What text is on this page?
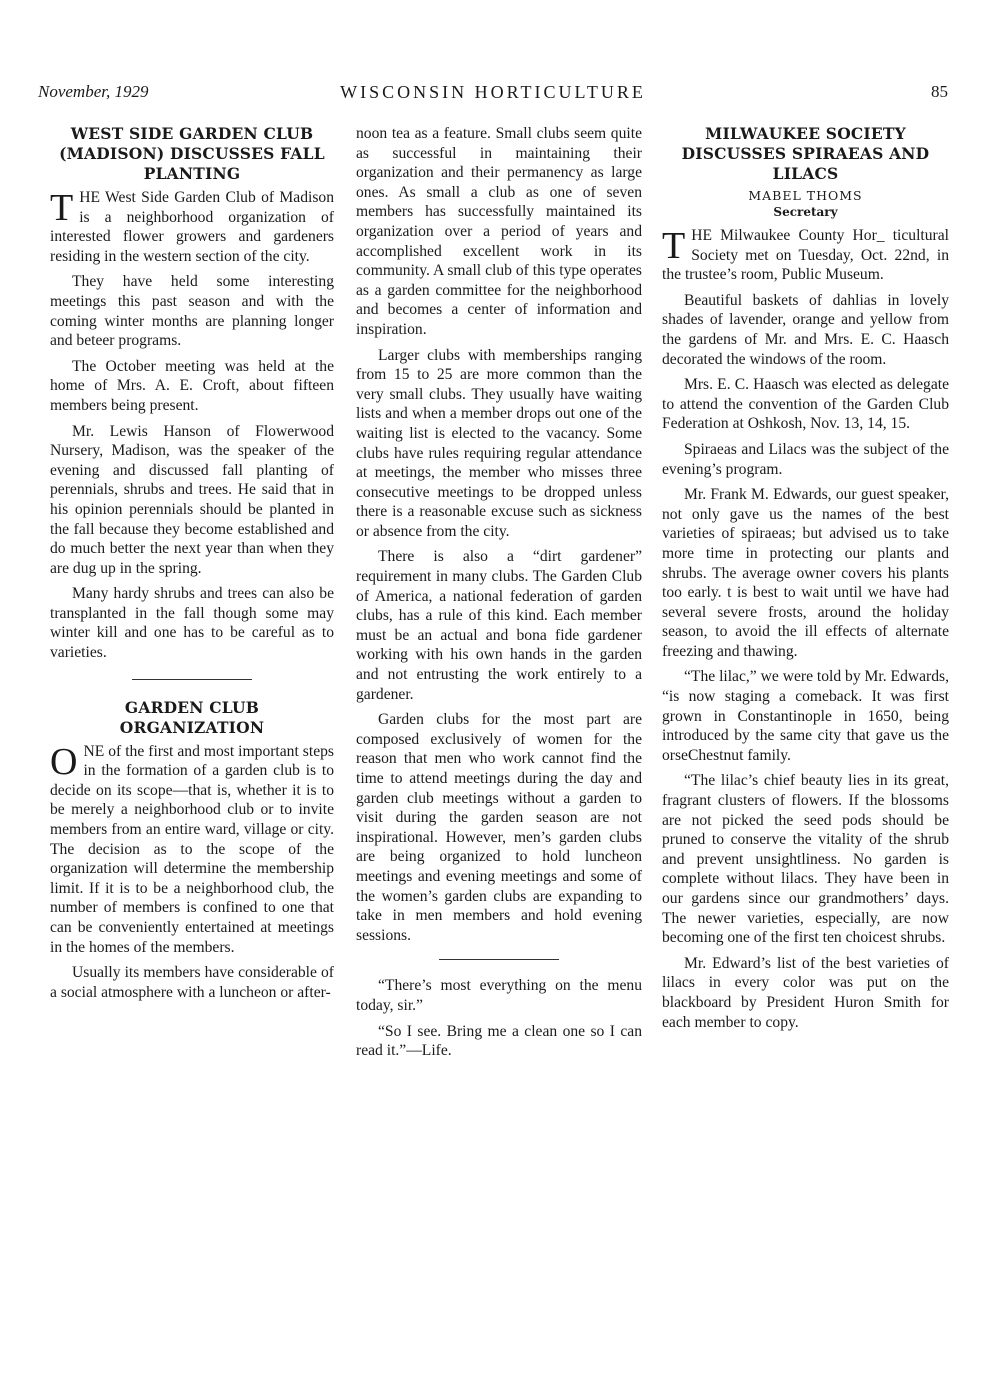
November, 1929	WISCONSIN HORTICULTURE	85
WEST SIDE GARDEN CLUB (MADISON) DISCUSSES FALL PLANTING

THE West Side Garden Club of Madison is a neighborhood organization of interested flower growers and gardeners residing in the western section of the city.

They have held some interesting meetings this past season and with the coming winter months are planning longer and beteer programs.

The October meeting was held at the home of Mrs. A. E. Croft, about fifteen members being present.

Mr. Lewis Hanson of Flowerwood Nursery, Madison, was the speaker of the evening and discussed fall planting of perennials, shrubs and trees. He said that in his opinion perennials should be planted in the fall because they become established and do much better the next year than when they are dug up in the spring.

Many hardy shrubs and trees can also be transplanted in the fall though some may winter kill and one has to be careful as to varieties.

GARDEN CLUB ORGANIZATION

ONE of the first and most important steps in the formation of a garden club is to decide on its scope—that is, whether it is to be merely a neighborhood club or to invite members from an entire ward, village or city. The decision as to the scope of the organization will determine the membership limit. If it is to be a neighborhood club, the number of members is confined to one that can be conveniently entertained at meetings in the homes of the members.

Usually its members have considerable of a social atmosphere with a luncheon or after-

noon tea as a feature. Small clubs seem quite as successful in maintaining their organization and their permanency as large ones. As small a club as one of seven members has successfully maintained its organization over a period of years and accomplished excellent work in its community. A small club of this type operates as a garden committee for the neighborhood and becomes a center of information and inspiration.

Larger clubs with memberships ranging from 15 to 25 are more common than the very small clubs. They usually have waiting lists and when a member drops out one of the waiting list is elected to the vacancy. Some clubs have rules requiring regular attendance at meetings, the member who misses three consecutive meetings to be dropped unless there is a reasonable excuse such as sickness or absence from the city.

There is also a “dirt gardener” requirement in many clubs. The Garden Club of America, a national federation of garden clubs, has a rule of this kind. Each member must be an actual and bona fide gardener working with his own hands in the garden and not entrusting the work entirely to a gardener.

Garden clubs for the most part are composed exclusively of women for the reason that men who work cannot find the time to attend meetings during the day and garden club meetings without a garden to visit during the garden season are not inspirational. However, men’s garden clubs are being organized to hold luncheon meetings and evening meetings and some of the women’s garden clubs are expanding to take in men members and hold evening sessions.

“There’s most everything on the menu today, sir.”

“So I see. Bring me a clean one so I can read it.”—Life.

MILWAUKEE SOCIETY DISCUSSES SPIRAEAS AND LILACS
MABEL THOMS
Secretary

THE Milwaukee County Hor_ ticultural Society met on Tuesday, Oct. 22nd, in the trustee’s room, Public Museum.

Beautiful baskets of dahlias in lovely shades of lavender, orange and yellow from the gardens of Mr. and Mrs. E. C. Haasch decorated the windows of the room.

Mrs. E. C. Haasch was elected as delegate to attend the convention of the Garden Club Federation at Oshkosh, Nov. 13, 14, 15.

Spiraeas and Lilacs was the subject of the evening’s program.

Mr. Frank M. Edwards, our guest speaker, not only gave us the names of the best varieties of spiraeas; but advised us to take more time in protecting our plants and shrubs. The average owner covers his plants too early. t is best to wait until we have had several severe frosts, around the holiday season, to avoid the ill effects of alternate freezing and thawing.

“The lilac,” we were told by Mr. Edwards, “is now staging a comeback. It was first grown in Constantinople in 1650, being introduced by the same city that gave us the orseChestnut family.

“The lilac’s chief beauty lies in its great, fragrant clusters of flowers. If the blossoms are not picked the seed pods should be pruned to conserve the vitality of the shrub and prevent unsightliness. No garden is complete without lilacs. They have been in our gardens since our grandmothers’ days. The newer varieties, especially, are now becoming one of the first ten choicest shrubs.

Mr. Edward’s list of the best varieties of lilacs in every color was put on the blackboard by President Huron Smith for each member to copy.
